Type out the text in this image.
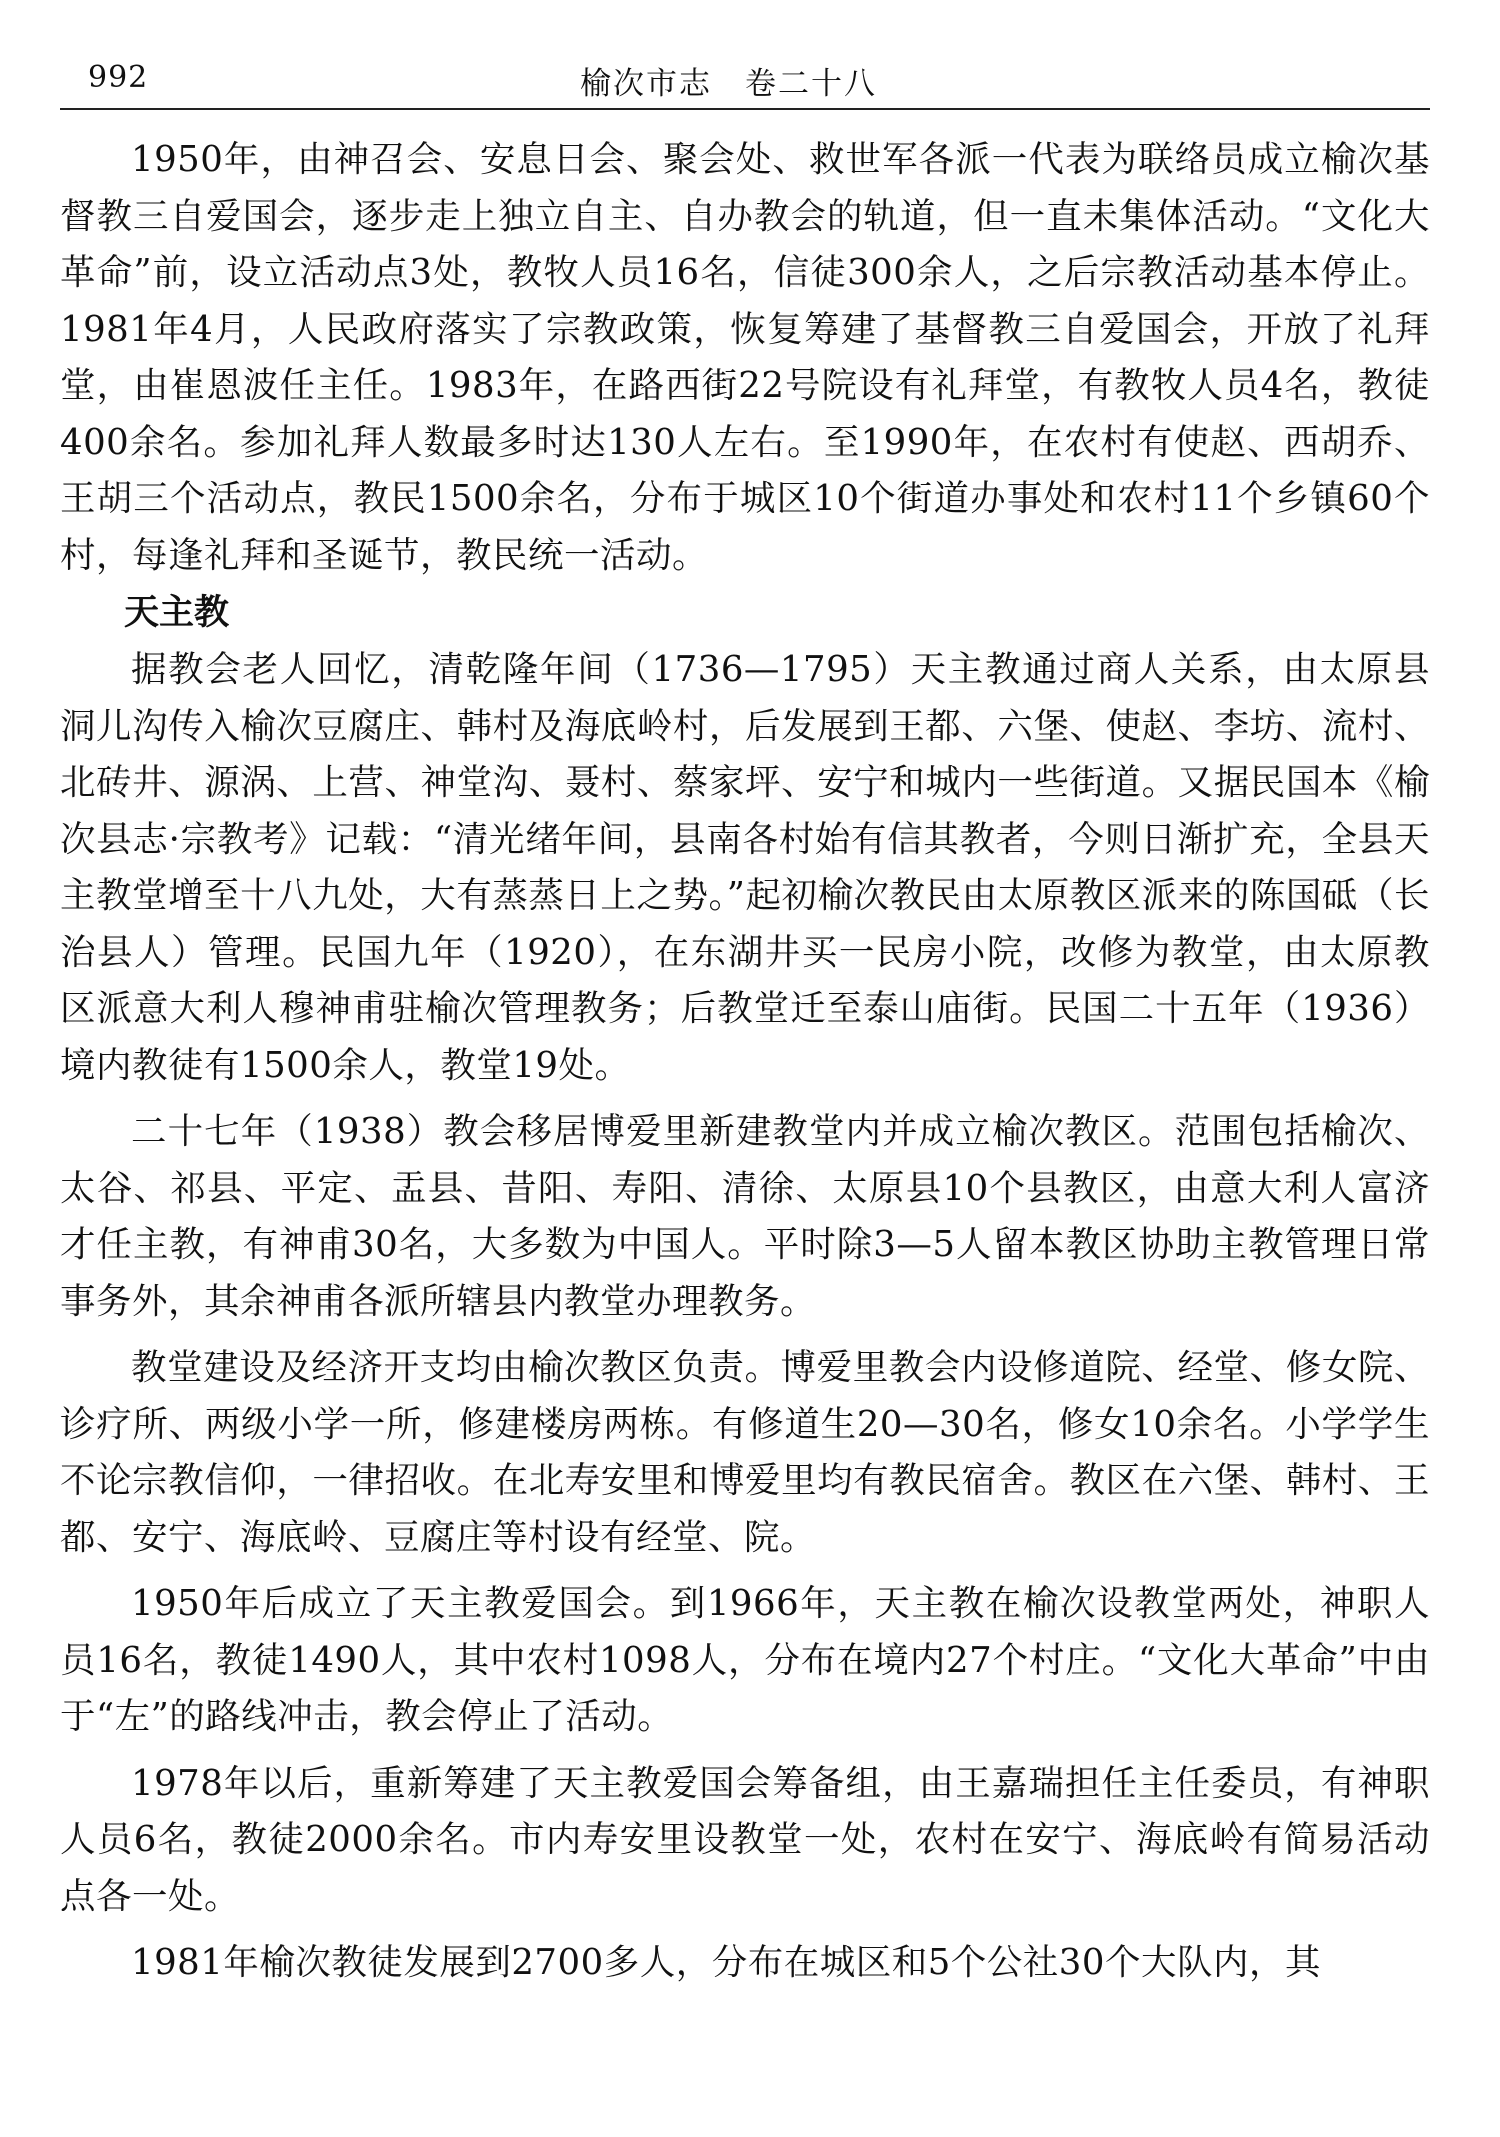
992	榆次市志　卷二十八

1950年，由神召会、安息日会、聚会处、救世军各派一代表为联络员成立榆次基督教三自爱国会，逐步走上独立自主、自办教会的轨道，但一直未集体活动。“文化大革命”前，设立活动点3处，教牧人员16名，信徒300余人，之后宗教活动基本停止。1981年4月，人民政府落实了宗教政策，恢复筹建了基督教三自爱国会，开放了礼拜堂，由崔恩波任主任。1983年，在路西街22号院设有礼拜堂，有教牧人员4名，教徒400余名。参加礼拜人数最多时达130人左右。至1990年，在农村有使赵、西胡乔、王胡三个活动点，教民1500余名，分布于城区10个街道办事处和农村11个乡镇60个村，每逢礼拜和圣诞节，教民统一活动。

天主教

据教会老人回忆，清乾隆年间（1736—1795）天主教通过商人关系，由太原县洞儿沟传入榆次豆腐庄、韩村及海底岭村，后发展到王都、六堡、使赵、李坊、流村、北砖井、源涡、上营、神堂沟、聂村、蔡家坪、安宁和城内一些街道。又据民国本《榆次县志·宗教考》记载：“清光绪年间，县南各村始有信其教者，今则日渐扩充，全县天主教堂增至十八九处，大有蒸蒸日上之势。”起初榆次教民由太原教区派来的陈国砥（长治县人）管理。民国九年（1920），在东湖井买一民房小院，改修为教堂，由太原教区派意大利人穆神甫驻榆次管理教务；后教堂迁至泰山庙街。民国二十五年（1936）境内教徒有1500余人，教堂19处。

二十七年（1938）教会移居博爱里新建教堂内并成立榆次教区。范围包括榆次、太谷、祁县、平定、盂县、昔阳、寿阳、清徐、太原县10个县教区，由意大利人富济才任主教，有神甫30名，大多数为中国人。平时除3—5人留本教区协助主教管理日常事务外，其余神甫各派所辖县内教堂办理教务。

教堂建设及经济开支均由榆次教区负责。博爱里教会内设修道院、经堂、修女院、诊疗所、两级小学一所，修建楼房两栋。有修道生20—30名，修女10余名。小学学生不论宗教信仰，一律招收。在北寿安里和博爱里均有教民宿舍。教区在六堡、韩村、王都、安宁、海底岭、豆腐庄等村设有经堂、院。

1950年后成立了天主教爱国会。到1966年，天主教在榆次设教堂两处，神职人员16名，教徒1490人，其中农村1098人，分布在境内27个村庄。“文化大革命”中由于“左”的路线冲击，教会停止了活动。

1978年以后，重新筹建了天主教爱国会筹备组，由王嘉瑞担任主任委员，有神职人员6名，教徒2000余名。市内寿安里设教堂一处，农村在安宁、海底岭有简易活动点各一处。

1981年榆次教徒发展到2700多人，分布在城区和5个公社30个大队内，其
